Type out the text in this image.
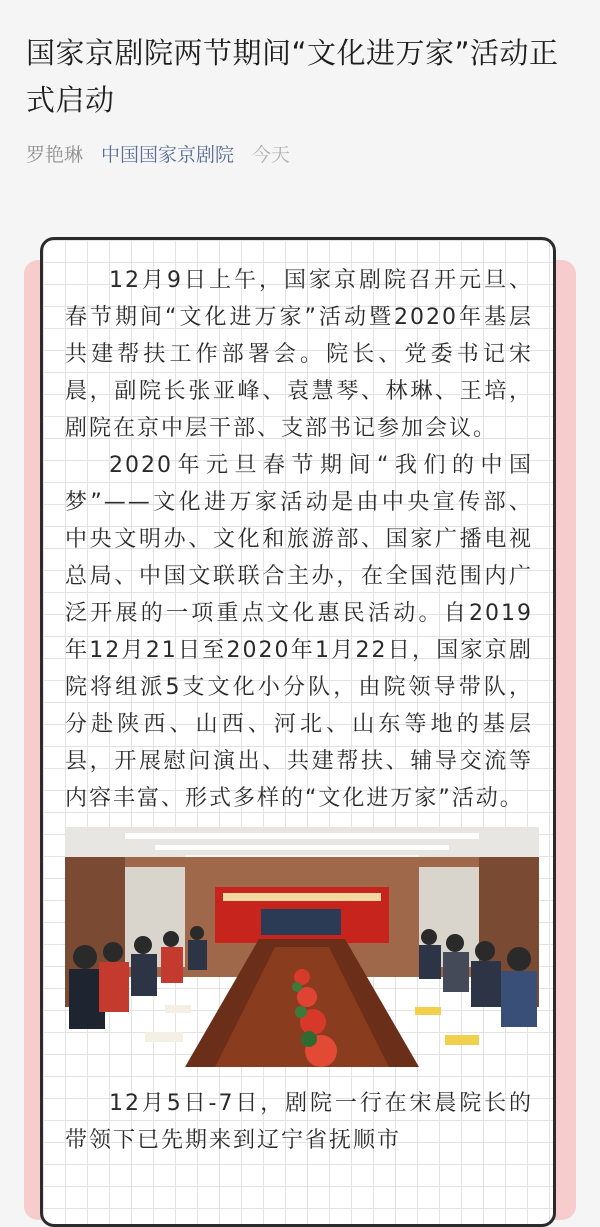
国家京剧院两节期间“文化进万家”活动正式启动
罗艳琳 中国国家京剧院 今天

12月9日上午，国家京剧院召开元旦、春节期间“文化进万家”活动暨2020年基层共建帮扶工作部署会。院长、党委书记宋晨，副院长张亚峰、袁慧琴、林琳、王培，剧院在京中层干部、支部书记参加会议。

2020年元旦春节期间“我们的中国梦”——文化进万家活动是由中央宣传部、中央文明办、文化和旅游部、国家广播电视总局、中国文联联合主办，在全国范围内广泛开展的一项重点文化惠民活动。自2019年12月21日至2020年1月22日，国家京剧院将组派5支文化小分队，由院领导带队，分赴陕西、山西、河北、山东等地的基层县，开展慰问演出、共建帮扶、辅导交流等内容丰富、形式多样的“文化进万家”活动。

12月5日-7日，剧院一行在宋晨院长的带领下已先期来到辽宁省抚顺市
